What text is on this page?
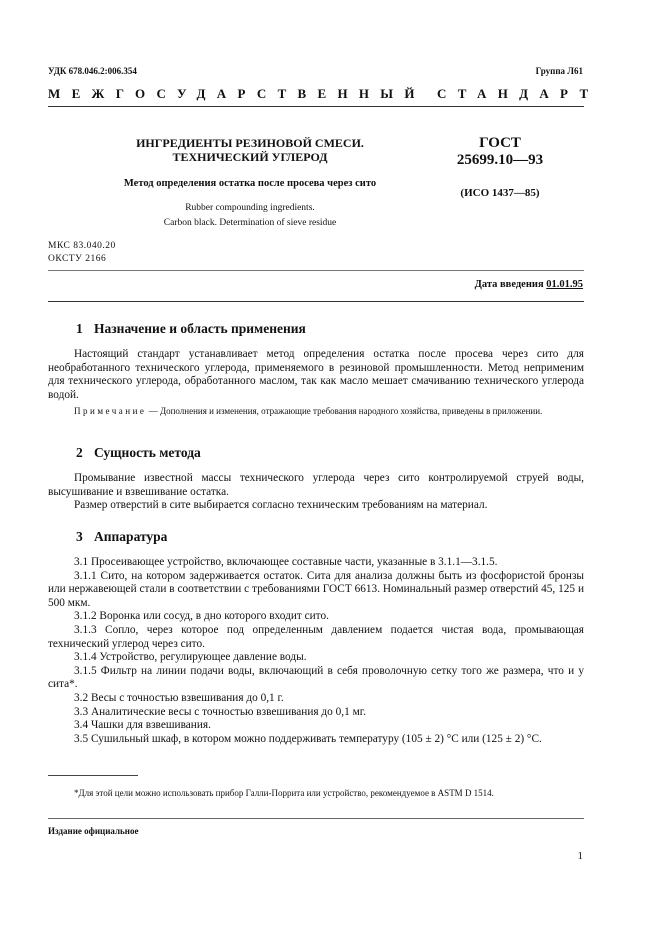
УДК 678.046.2:006.354	Группа Л61
МЕЖГОСУДАРСТВЕННЫЙ СТАНДАРТ
ИНГРЕДИЕНТЫ РЕЗИНОВОЙ СМЕСИ.
ТЕХНИЧЕСКИЙ УГЛЕРОД
Метод определения остатка после просева через сито
Rubber compounding ingredients.
Carbon black. Determination of sieve residue
ГОСТ
25699.10—93
(ИСО 1437—85)
МКС 83.040.20
ОКСТУ 2166
Дата введения 01.01.95
1 Назначение и область применения

Настоящий стандарт устанавливает метод определения остатка после просева через сито для необработанного технического углерода, применяемого в резиновой промышленности. Метод неприменим для технического углерода, обработанного маслом, так как масло мешает смачиванию технического углерода водой.

Примечание — Дополнения и изменения, отражающие требования народного хозяйства, приведены в приложении.

2 Сущность метода

Промывание известной массы технического углерода через сито контролируемой струей воды, высушивание и взвешивание остатка.

Размер отверстий в сите выбирается согласно техническим требованиям на материал.

3 Аппаратура

3.1 Просеивающее устройство, включающее составные части, указанные в 3.1.1—3.1.5.

3.1.1 Сито, на котором задерживается остаток. Сита для анализа должны быть из фосфористой бронзы или нержавеющей стали в соответствии с требованиями ГОСТ 6613. Номинальный размер отверстий 45, 125 и 500 мкм.

3.1.2 Воронка или сосуд, в дно которого входит сито.

3.1.3 Сопло, через которое под определенным давлением подается чистая вода, промывающая технический углерод через сито.

3.1.4 Устройство, регулирующее давление воды.

3.1.5 Фильтр на линии подачи воды, включающий в себя проволочную сетку того же размера, что и у сита*.

3.2 Весы с точностью взвешивания до 0,1 г.

3.3 Аналитические весы с точностью взвешивания до 0,1 мг.

3.4 Чашки для взвешивания.

3.5 Сушильный шкаф, в котором можно поддерживать температуру (105 ± 2) °С или (125 ± 2) °С.

*Для этой цели можно использовать прибор Галли-Поррита или устройство, рекомендуемое в ASTM D 1514.

Издание официальное
1
